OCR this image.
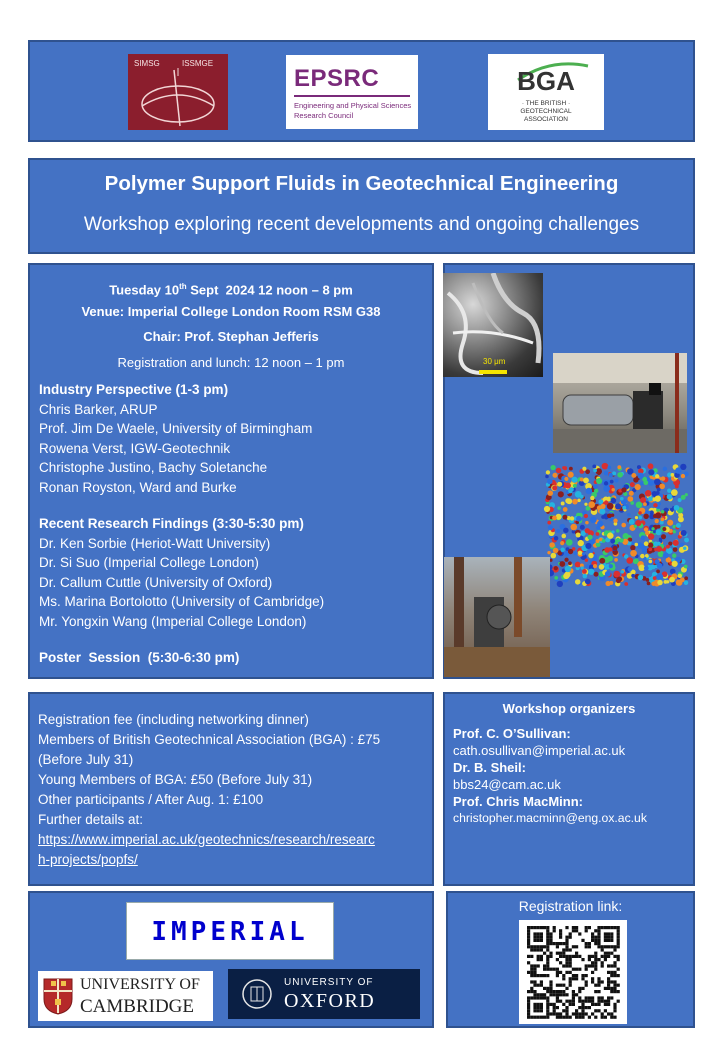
SIMSG	ISSMGE
EPSRC
Engineering and Physical Sciences
Research Council
BGA
· THE BRITISH ·
GEOTECHNICAL
ASSOCIATION
Polymer Support Fluids in Geotechnical Engineering
Workshop exploring recent developments and ongoing challenges
Tuesday 10th Sept  2024 12 noon – 8 pm
Venue: Imperial College London Room RSM G38
Chair: Prof. Stephan Jefferis
Registration and lunch: 12 noon – 1 pm

Industry Perspective (1-3 pm)

Chris Barker, ARUP

Prof. Jim De Waele, University of Birmingham

Rowena Verst, IGW-Geotechnik

Christophe Justino, Bachy Soletanche

Ronan Royston, Ward and Burke

Recent Research Findings (3:30-5:30 pm)

Dr. Ken Sorbie (Heriot-Watt University)

Dr. Si Suo (Imperial College London)

Dr. Callum Cuttle (University of Oxford)

Ms. Marina Bortolotto (University of Cambridge)

Mr. Yongxin Wang (Imperial College London)

Poster  Session  (5:30-6:30 pm)

30 μm

Registration fee (including networking dinner)

Members of British Geotechnical Association (BGA) : £75

(Before July 31)

Young Members of BGA: £50 (Before July 31)

Other participants / After Aug. 1: £100

Further details at:

https://www.imperial.ac.uk/geotechnics/research/researc

h-projects/popfs/

Workshop organizers

Prof. C. O’Sullivan:

cath.osullivan@imperial.ac.uk

Dr. B. Sheil:

bbs24@cam.ac.uk

Prof. Chris MacMinn:

christopher.macminn@eng.ox.ac.uk

IMPERIAL
UNIVERSITY OF
CAMBRIDGE
UNIVERSITY OF
OXFORD
Registration link:
